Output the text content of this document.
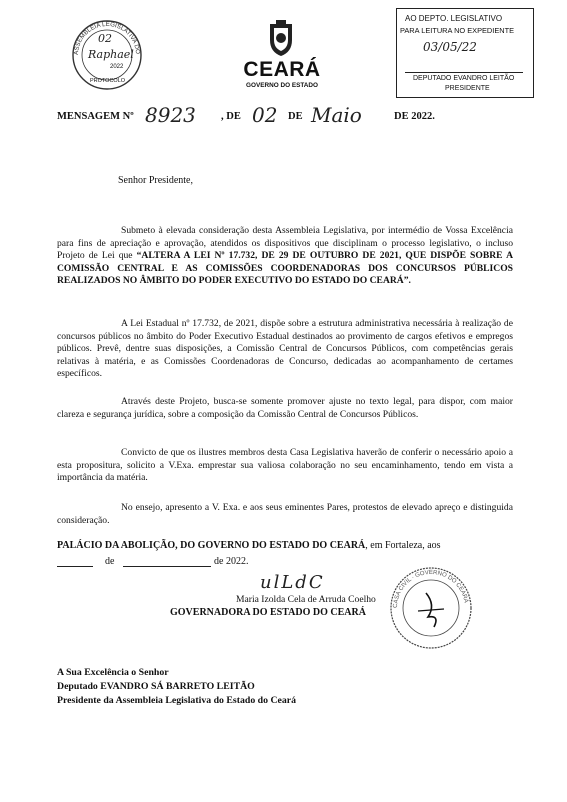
ASSEMBLEIA LEGISLATIVA DO
02
Raphael
2022
PROTOCOLO	CEARÁ
GOVERNO DO ESTADO
AO DEPTO. LEGISLATIVO
PARA LEITURA NO EXPEDIENTE
03/05/22
DEPUTADO EVANDRO LEITÃO
PRESIDENTE
MENSAGEM Nº 8923 , DE 02 DE Maio	DE 2022.
Senhor Presidente,

Submeto à elevada consideração desta Assembleia Legislativa, por intermédio de Vossa Excelência para fins de apreciação e aprovação, atendidos os dispositivos que disciplinam o processo legislativo, o incluso Projeto de Lei que “ALTERA A LEI Nº 17.732, DE 29 DE OUTUBRO DE 2021, QUE DISPÕE SOBRE A COMISSÃO CENTRAL E AS COMISSÕES COORDENADORAS DOS CONCURSOS PÚBLICOS REALIZADOS NO ÂMBITO DO PODER EXECUTIVO DO ESTADO DO CEARÁ”.

A Lei Estadual nº 17.732, de 2021, dispõe sobre a estrutura administrativa necessária à realização de concursos públicos no âmbito do Poder Executivo Estadual destinados ao provimento de cargos efetivos e empregos públicos. Prevê, dentre suas disposições, a Comissão Central de Concursos Públicos, com competências gerais relativas à matéria, e as Comissões Coordenadoras de Concurso, dedicadas ao acompanhamento de certames específicos.

Através deste Projeto, busca-se somente promover ajuste no texto legal, para dispor, com maior clareza e segurança jurídica, sobre a composição da Comissão Central de Concursos Públicos.

Convicto de que os ilustres membros desta Casa Legislativa haverão de conferir o necessário apoio a esta propositura, solicito a V.Exa. emprestar sua valiosa colaboração no seu encaminhamento, tendo em vista a importância da matéria.

No ensejo, apresento a V. Exa. e aos seus eminentes Pares, protestos de elevado apreço e distinguida consideração.

PALÁCIO DA ABOLIÇÃO, DO GOVERNO DO ESTADO DO CEARÁ, em Fortaleza, aos

de	de 2022.
ulLdC
Maria Izolda Cela de Arruda Coelho
GOVERNADORA DO ESTADO DO CEARÁ
CASA CIVIL · GOVERNO DO CEARÁ
A Sua Excelência o Senhor
Deputado EVANDRO SÁ BARRETO LEITÃO
Presidente da Assembleia Legislativa do Estado do Ceará
